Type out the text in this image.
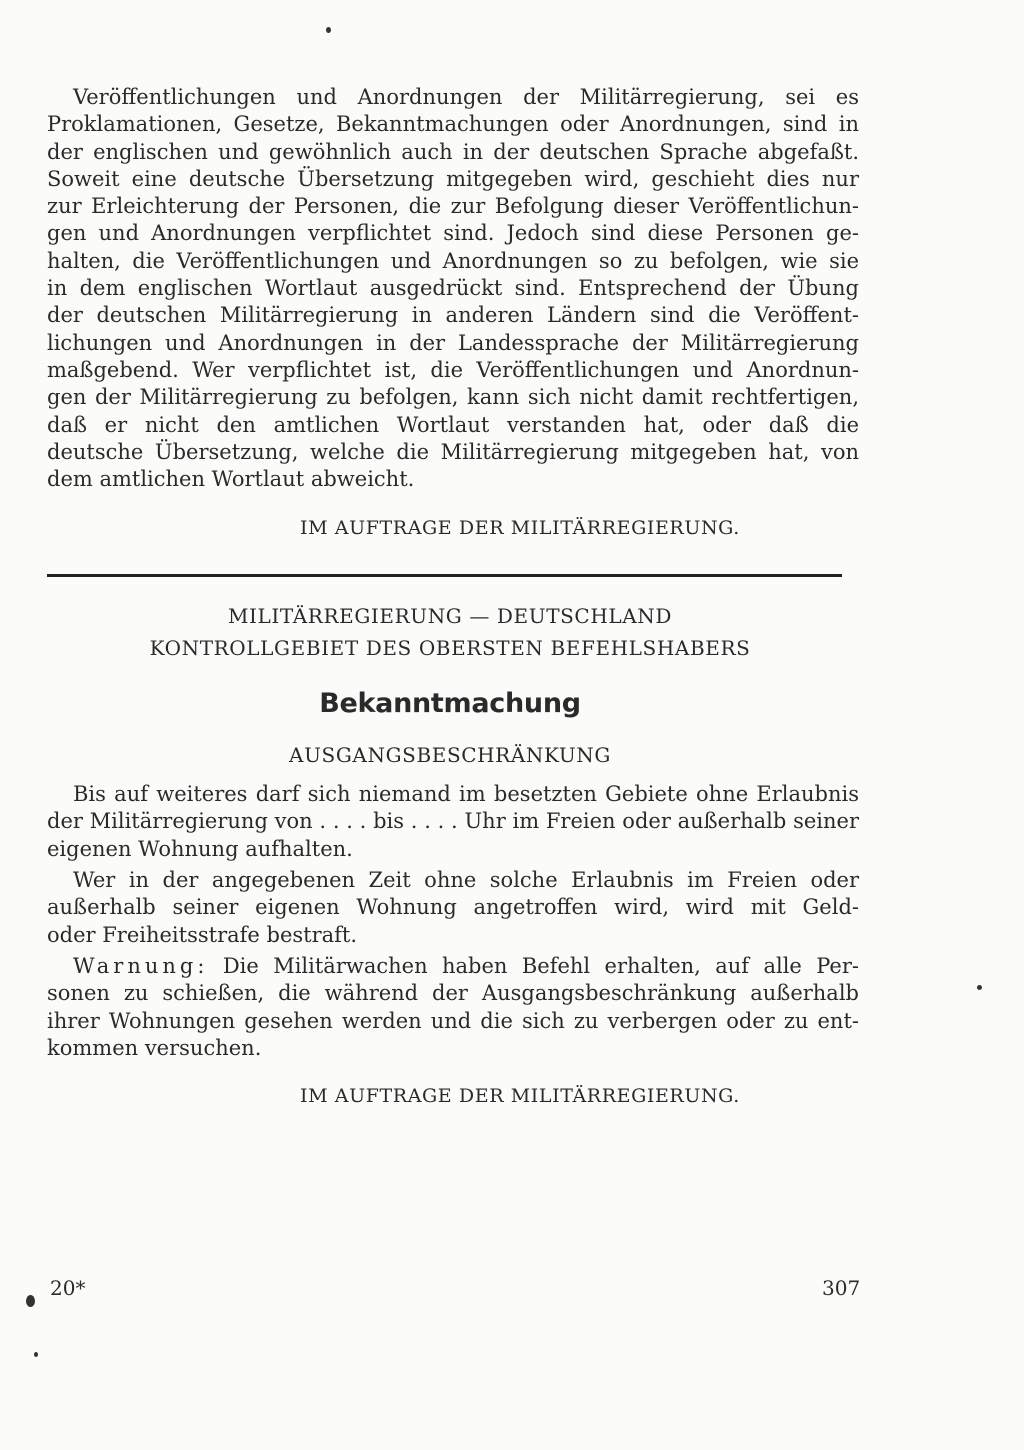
Veröffentlichungen und Anordnungen der Militärregierung, sei es
Proklamationen, Gesetze, Bekanntmachungen oder Anordnungen, sind in
der englischen und gewöhnlich auch in der deutschen Sprache abgefaßt.
Soweit eine deutsche Übersetzung mitgegeben wird, geschieht dies nur
zur Erleichterung der Personen, die zur Befolgung dieser Veröffentlichun-
gen und Anordnungen verpflichtet sind. Jedoch sind diese Personen ge-
halten, die Veröffentlichungen und Anordnungen so zu befolgen, wie sie
in dem englischen Wortlaut ausgedrückt sind. Entsprechend der Übung
der deutschen Militärregierung in anderen Ländern sind die Veröffent-
lichungen und Anordnungen in der Landessprache der Militärregierung
maßgebend. Wer verpflichtet ist, die Veröffentlichungen und Anordnun-
gen der Militärregierung zu befolgen, kann sich nicht damit rechtfertigen,
daß er nicht den amtlichen Wortlaut verstanden hat, oder daß die
deutsche Übersetzung, welche die Militärregierung mitgegeben hat, von
dem amtlichen Wortlaut abweicht.
IM AUFTRAGE DER MILITÄRREGIERUNG.
MILITÄRREGIERUNG — DEUTSCHLAND
KONTROLLGEBIET DES OBERSTEN BEFEHLSHABERS
Bekanntmachung
AUSGANGSBESCHRÄNKUNG
Bis auf weiteres darf sich niemand im besetzten Gebiete ohne Erlaubnis
der Militärregierung von . . . . bis . . . . Uhr im Freien oder außerhalb seiner
eigenen Wohnung aufhalten.
Wer in der angegebenen Zeit ohne solche Erlaubnis im Freien oder
außerhalb seiner eigenen Wohnung angetroffen wird, wird mit Geld-
oder Freiheitsstrafe bestraft.
Warnung: Die Militärwachen haben Befehl erhalten, auf alle Per-
sonen zu schießen, die während der Ausgangsbeschränkung außerhalb
ihrer Wohnungen gesehen werden und die sich zu verbergen oder zu ent-
kommen versuchen.
IM AUFTRAGE DER MILITÄRREGIERUNG.
20*	307
